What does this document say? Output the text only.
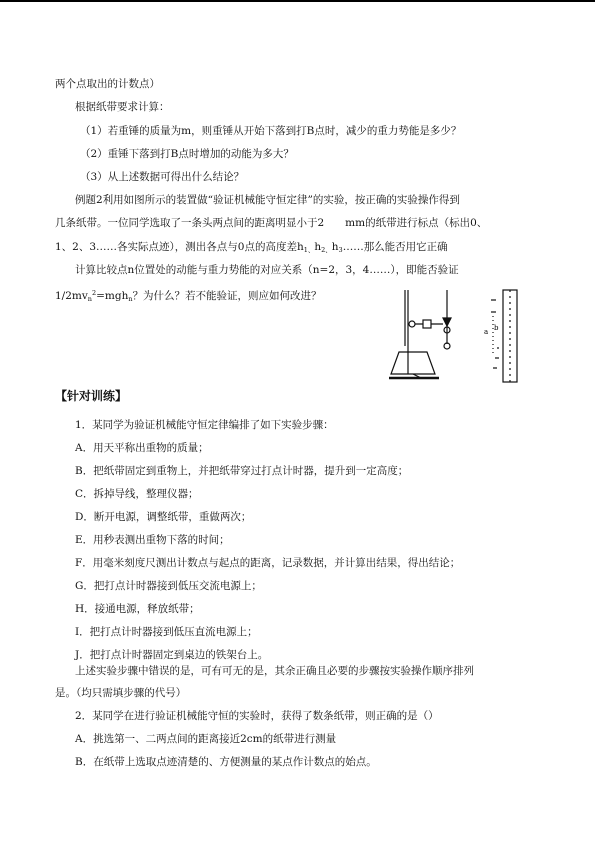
两个点取出的计数点）
根据纸带要求计算：
（1）若重锤的质量为m，则重锤从开始下落到打B点时，减少的重力势能是多少？
（2）重锤下落到打B点时增加的动能为多大？
（3）从上述数据可得出什么结论？
例题2利用如图所示的装置做“验证机械能守恒定律”的实验，按正确的实验操作得到
几条纸带。一位同学选取了一条头两点间的距离明显小于2　　mm的纸带进行标点（标出0、
1、2、3……各实际点迹），测出各点与0点的高度差$h_{1、}h_{2、}h_3\dots\dots$那么能否用它正确
计算比较点n位置处的动能与重力势能的对应关系（n=2，3，4……），即能否验证
$1/2mv_n^2=mgh_n$？为什么？若不能验证，则应如何改进？
a b
【针对训练】
1．某同学为验证机械能守恒定律编排了如下实验步骤：
A．用天平称出重物的质量；
B．把纸带固定到重物上，并把纸带穿过打点计时器，提升到一定高度；
C．拆掉导线，整理仪器；
D．断开电源，调整纸带，重做两次；
E．用秒表测出重物下落的时间；
F．用毫米刻度尺测出计数点与起点的距离，记录数据，并计算出结果，得出结论；
G．把打点计时器接到低压交流电源上；
H．接通电源，释放纸带；
I．把打点计时器接到低压直流电源上；
J．把打点计时器固定到桌边的铁架台上。
上述实验步骤中错误的是，可有可无的是，其余正确且必要的步骤按实验操作顺序排列
是。（均只需填步骤的代号）
2．某同学在进行验证机械能守恒的实验时，获得了数条纸带，则正确的是（）
A．挑选第一、二两点间的距离接近2cm的纸带进行测量
B．在纸带上选取点迹清楚的、方便测量的某点作计数点的始点。
